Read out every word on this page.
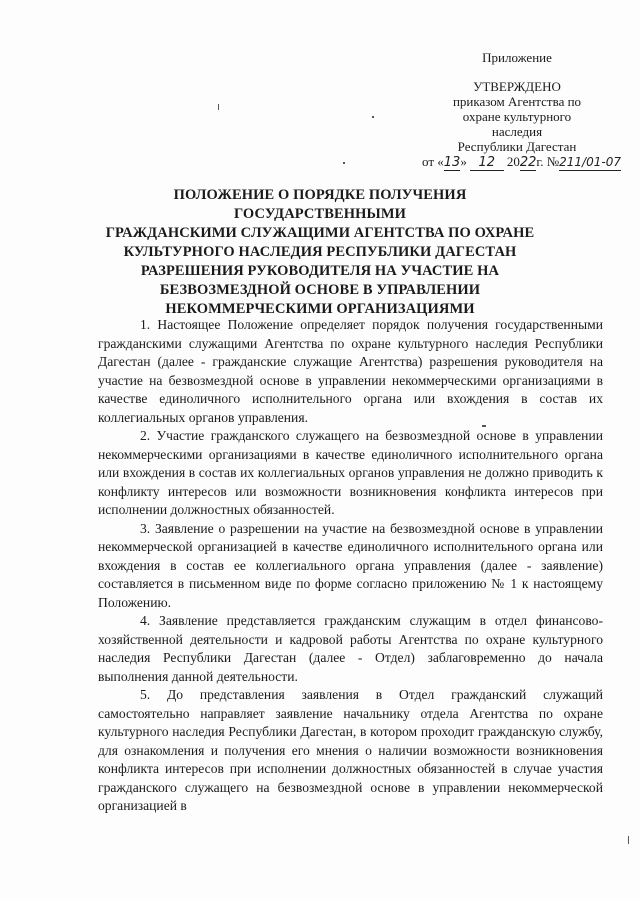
Приложение
УТВЕРЖДЕНО
приказом Агентства по
охране культурного
наследия
Республики Дагестан
от «13» 12 2022г. №211/01-07
ПОЛОЖЕНИЕ О ПОРЯДКЕ ПОЛУЧЕНИЯ ГОСУДАРСТВЕННЫМИ
ГРАЖДАНСКИМИ СЛУЖАЩИМИ АГЕНТСТВА ПО ОХРАНЕ
КУЛЬТУРНОГО НАСЛЕДИЯ РЕСПУБЛИКИ ДАГЕСТАН
РАЗРЕШЕНИЯ РУКОВОДИТЕЛЯ НА УЧАСТИЕ НА
БЕЗВОЗМЕЗДНОЙ ОСНОВЕ В УПРАВЛЕНИИ
НЕКОММЕРЧЕСКИМИ ОРГАНИЗАЦИЯМИ

1. Настоящее Положение определяет порядок получения государственными гражданскими служащими Агентства по охране культурного наследия Республики Дагестан (далее - гражданские служащие Агентства) разрешения руководителя на участие на безвозмездной основе в управлении некоммерческими организациями в качестве единоличного исполнительного органа или вхождения в состав их коллегиальных органов управления.

2. Участие гражданского служащего на безвозмездной основе в управлении некоммерческими организациями в качестве единоличного исполнительного органа или вхождения в состав их коллегиальных органов управления не должно приводить к конфликту интересов или возможности возникновения конфликта интересов при исполнении должностных обязанностей.

3. Заявление о разрешении на участие на безвозмездной основе в управлении некоммерческой организацией в качестве единоличного исполнительного органа или вхождения в состав ее коллегиального органа управления (далее - заявление) составляется в письменном виде по форме согласно приложению № 1 к настоящему Положению.

4. Заявление представляется гражданским служащим в отдел финансово-хозяйственной деятельности и кадровой работы Агентства по охране культурного наследия Республики Дагестан (далее - Отдел) заблаговременно до начала выполнения данной деятельности.

5. До представления заявления в Отдел гражданский служащий самостоятельно направляет заявление начальнику отдела Агентства по охране культурного наследия Республики Дагестан, в котором проходит гражданскую службу, для ознакомления и получения его мнения о наличии возможности возникновения конфликта интересов при исполнении должностных обязанностей в случае участия гражданского служащего на безвозмездной основе в управлении некоммерческой организацией в
